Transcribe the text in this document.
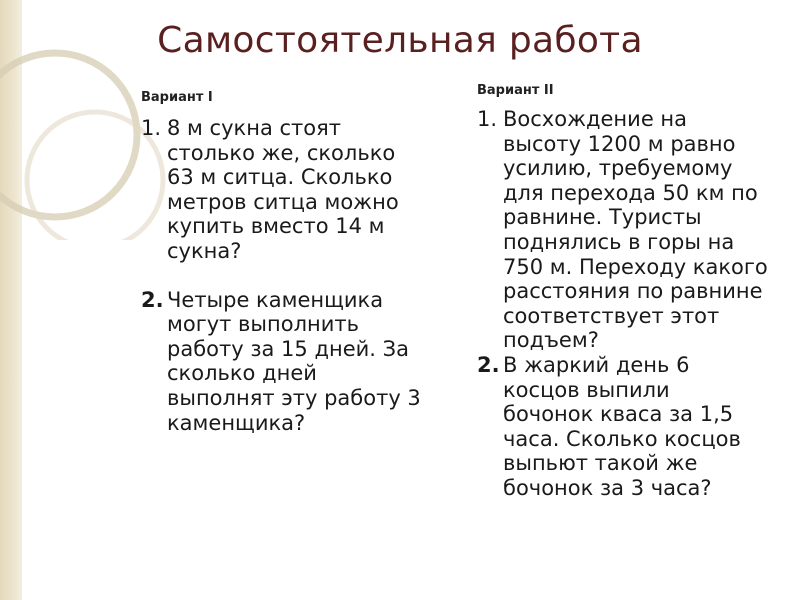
Самостоятельная работа
Вариант I
1. 8 м сукна стоят
столько же, сколько
63 м ситца. Сколько
метров ситца можно
купить вместо 14 м
сукна?
2. Четыре каменщика
могут выполнить
работу за 15 дней. За
сколько дней
выполнят эту работу 3
каменщика?
Вариант II
1. Восхождение на
высоту 1200 м равно
усилию, требуемому
для перехода 50 км по
равнине. Туристы
поднялись в горы на
750 м. Переходу какого
расстояния по равнине
соответствует этот
подъем?
2. В жаркий день 6
косцов выпили
бочонок кваса за 1,5
часа. Сколько косцов
выпьют такой же
бочонок за 3 часа?
